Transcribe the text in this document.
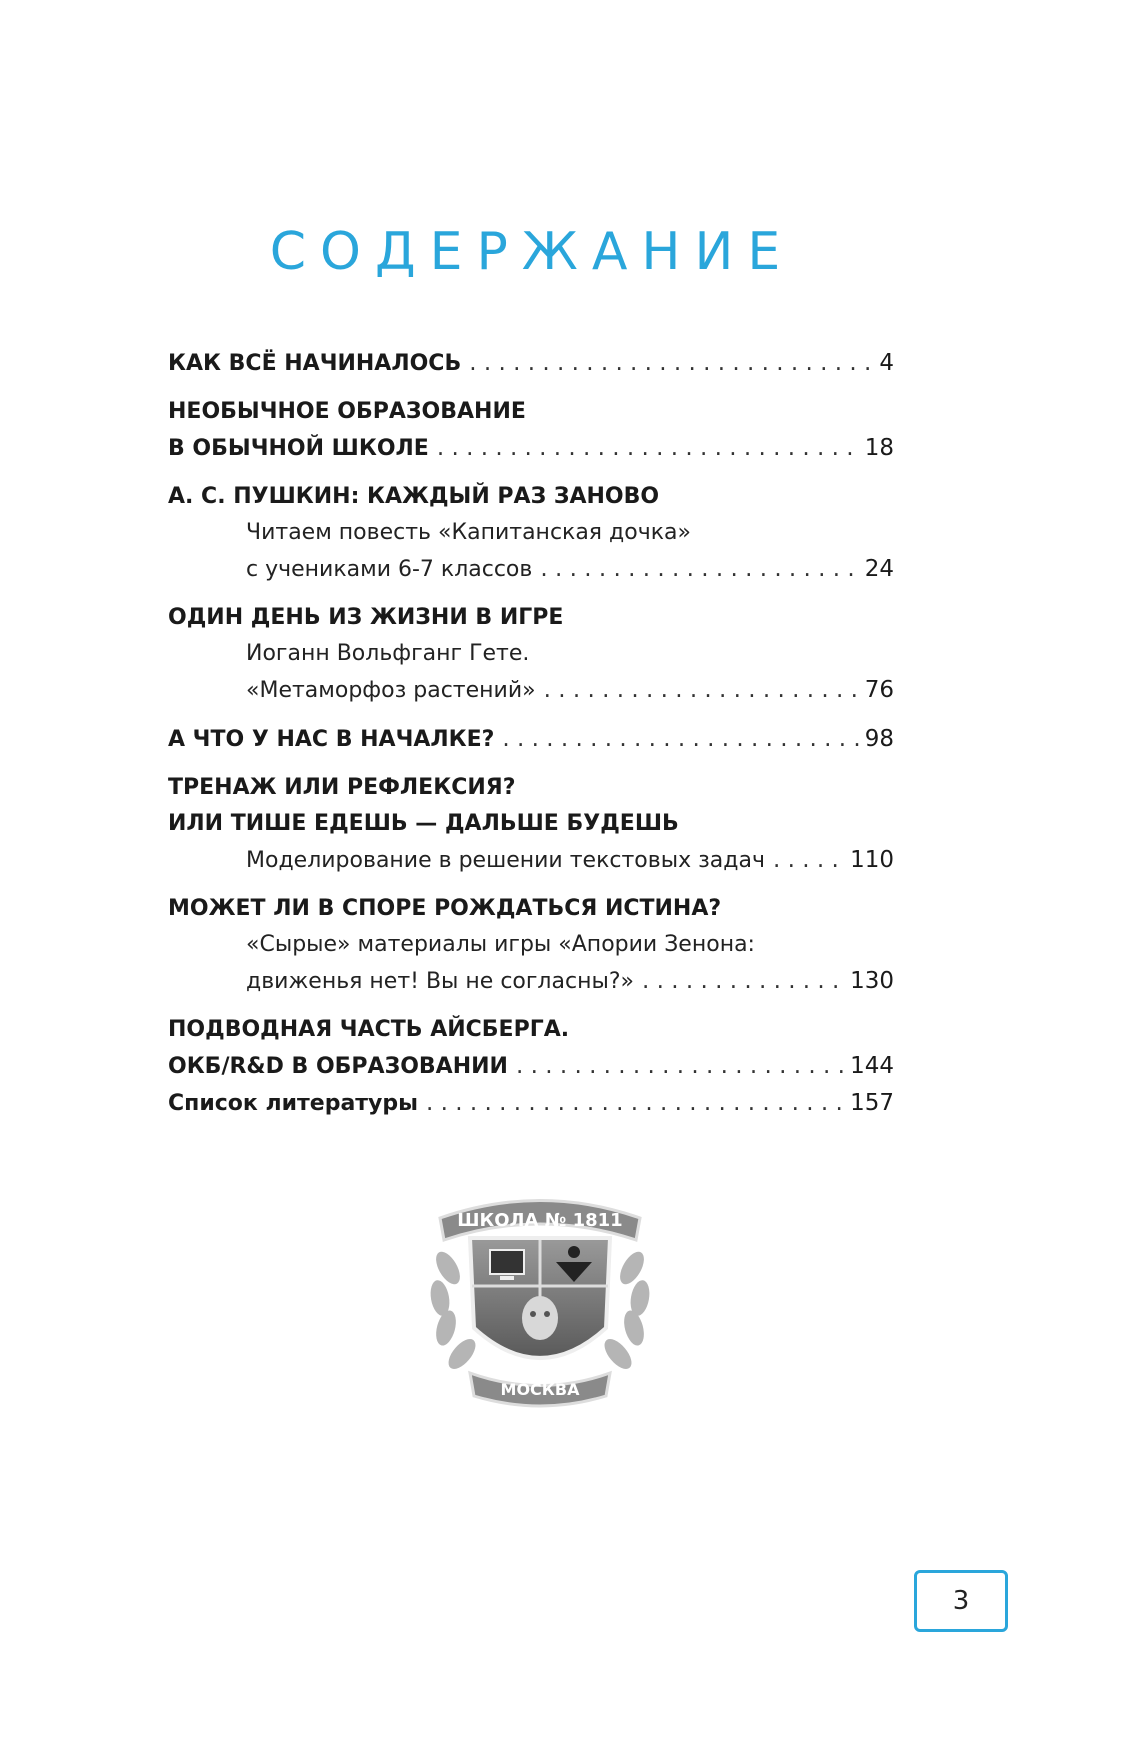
СОДЕРЖАНИЕ
КАК ВСЁ НАЧИНАЛОСЬ . . .	4
НЕОБЫЧНОЕ ОБРАЗОВАНИЕ
В ОБЫЧНОЙ ШКОЛЕ . . .	18
А. С. ПУШКИН: КАЖДЫЙ РАЗ ЗАНОВО
Читаем повесть «Капитанская дочка»
с учениками 6-7 классов . . .	24
ОДИН ДЕНЬ ИЗ ЖИЗНИ В ИГРЕ
Иоганн Вольфганг Гете.
«Метаморфоз растений» . . .	76
А ЧТО У НАС В НАЧАЛКЕ? . . .	98
ТРЕНАЖ ИЛИ РЕФЛЕКСИЯ?
ИЛИ ТИШЕ ЕДЕШЬ — ДАЛЬШЕ БУДЕШЬ
Моделирование в решении текстовых задач . . .	110
МОЖЕТ ЛИ В СПОРЕ РОЖДАТЬСЯ ИСТИНА?
«Сырые» материалы игры «Апории Зенона:
движенья нет! Вы не согласны?» . . .	130
ПОДВОДНАЯ ЧАСТЬ АЙСБЕРГА.
ОКБ/R&D В ОБРАЗОВАНИИ . . .	144
Список литературы . . .	157
ШКОЛА № 1811
МОСКВА
3
